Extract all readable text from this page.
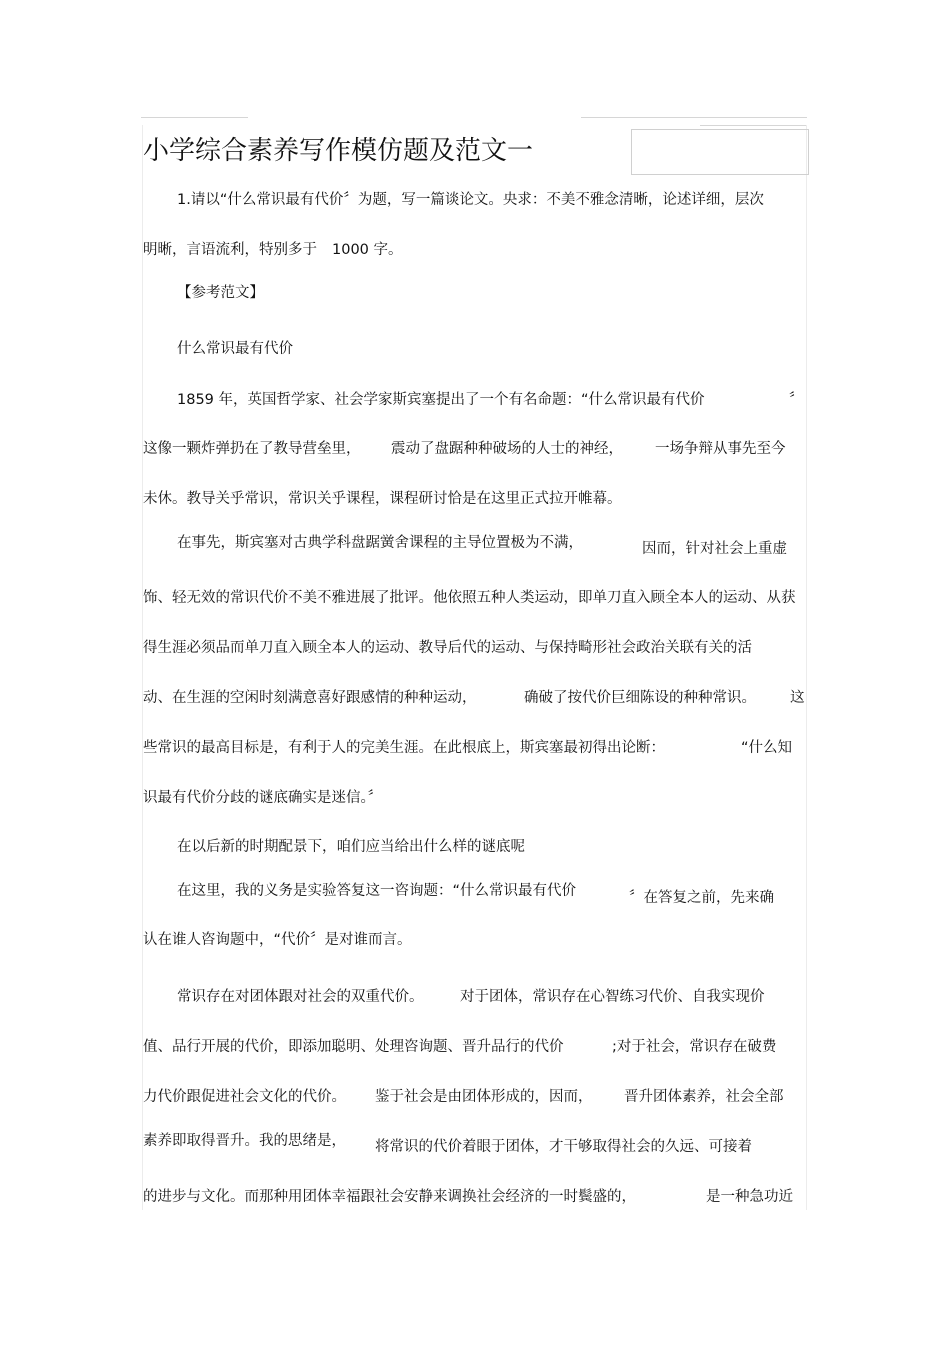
小学综合素养写作模仿题及范文一
1.请以“什么常识最有代价〞为题，写一篇谈论文。央求：不美不雅念清晰，论述详细，层次
明晰，言语流利，特别多于 1000 字。
【参考范文】
什么常识最有代价
1859 年，英国哲学家、社会学家斯宾塞提出了一个有名命题：“什么常识最有代价	〞
这像一颗炸弹扔在了教导营垒里， 震动了盘踞种种破场的人士的神经， 一场争辩从事先至今
未休。教导关乎常识，常识关乎课程，课程研讨恰是在这里正式拉开帷幕。
在事先，斯宾塞对古典学科盘踞黉舍课程的主导位置极为不满，	因而，针对社会上重虚
饰、轻无效的常识代价不美不雅进展了批评。他依照五种人类运动，即单刀直入顾全本人的运动、从获
得生涯必须品而单刀直入顾全本人的运动、教导后代的运动、与保持畸形社会政治关联有关的活
动、在生涯的空闲时刻满意喜好跟感情的种种运动，	确破了按代价巨细陈设的种种常识。 这
些常识的最高目标是，有利于人的完美生涯。在此根底上，斯宾塞最初得出论断：	“什么知
识最有代价分歧的谜底确实是迷信。〞
在以后新的时期配景下，咱们应当给出什么样的谜底呢
在这里，我的义务是实验答复这一咨询题：“什么常识最有代价	〞在答复之前，先来确
认在谁人咨询题中，“代价〞是对谁而言。
常识存在对团体跟对社会的双重代价。	对于团体，常识存在心智练习代价、自我实现价
值、品行开展的代价，即添加聪明、处理咨询题、晋升品行的代价	;对于社会，常识存在破费
力代价跟促进社会文化的代价。 鉴于社会是由团体形成的，因而， 晋升团体素养，社会全部
素养即取得晋升。我的思绪是， 将常识的代价着眼于团体，才干够取得社会的久远、可接着
的进步与文化。而那种用团体幸福跟社会安静来调换社会经济的一时鬓盛的，	是一种急功近
